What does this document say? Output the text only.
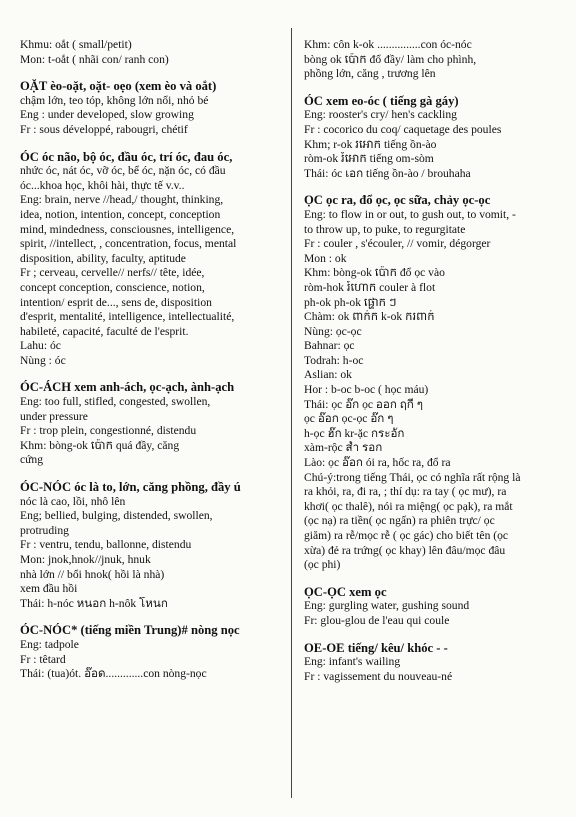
Khmu: oắt ( small/petit)
Mon: t-oắt ( nhãi con/ ranh con)
OẶT èo-oặt, oặt- oẹo (xem èo và oắt)
chậm lớn, teo tóp, không lớn nổi, nhỏ bé
Eng : under developed, slow growing
Fr : sous développé, rabougri, chétif
ÓC óc não, bộ óc, đầu óc, trí óc, đau óc,
nhức óc, nát óc, vỡ óc, bể óc, nặn óc, có đầu
óc...khoa học, khôi hài, thực tế v.v..
Eng: brain, nerve //head,/ thought, thinking,
idea, notion, intention, concept, conception
mind, mindedness, consciousnes, intelligence,
spirit, //intellect, , concentration, focus, mental
disposition, ability, faculty, aptitude
Fr ; cerveau, cervelle// nerfs// tête, idée,
concept conception, conscience, notion,
intention/ esprit de..., sens de, disposition
d'esprit, mentalité, intelligence, intellectualité,
habileté, capacité, faculté de l'esprit.
Lahu: óc
Nùng : óc
ÓC-ÁCH xem anh-ách, ọc-ạch, ành-ạch
Eng: too full, stifled, congested, swollen,
under pressure
Fr : trop plein, congestionné, distendu
Khm: bòng-ok ប៉ោក quá đầy, căng
cứng
ÓC-NÓC óc là to, lớn, căng phồng, đầy ú
nóc là cao, lồi, nhô lên
Eng; bellied, bulging, distended, swollen,
protruding
Fr : ventru, tendu, ballonne, distendu
Mon: jnok,hnok//jnuk, hnuk
nhà lớn // bổi hnok( hồi là nhà)
xem đầu hồi
Thái: h-nóc หนอก h-nôk โหนก
ÓC-NÓC* (tiếng miền Trung)# nòng nọc
Eng: tadpole
Fr : têtard
Thái: (tua)ót. อ๊อด.............con nòng-nọc
Khm: côn k-ok ...............con óc-nóc
bòng ok ប៉ោក đổ đầy/ làm cho phình,
phồng lớn, căng , trương lên
ÓC xem eo-óc ( tiếng gà gáy)
Eng: rooster's cry/ hen's cackling
Fr : cocorico du coq/ caquetage des poules
Khm; r-ok រអោក tiếng ồn-ào
ròm-ok រំអោក tiếng om-sòm
Thái: óc เอก tiếng ồn-ào / brouhaha
ỌC ọc ra, đổ ọc, ọc sữa, chảy ọc-ọc
Eng: to flow in or out, to gush out, to vomit, -
to throw up, to puke, to regurgitate
Fr : couler , s'écouler, // vomir, dégorger
Mon : ok
Khm: bòng-ok ប៉ោក đổ ọc vào
ròm-hok រំហោក couler à flot
ph-ok ph-ok ផ្ហោក ៗ
Chàm: ok ពាក់ក k-ok ករពាក់
Nùng: ọc-ọc
Bahnar: ọc
Todrah: h-oc
Aslian: ok
Hor : b-oc b-oc ( học máu)
Thái: ọc อ๊ก ọc ออก ฤกี่ ๆ
ọc อ๊อก ọc-ọc อ๊ก ๆ
h-ọc ฮ๊ก kr-ặc กระอัก
xàm-rộc ส้ำ รอก
Lào: ọc อ๊อก ói ra, hốc ra, đổ ra
Chú-ý:trong tiếng Thái, ọc có nghĩa rất rộng là
ra khỏi, ra, đi ra, ; thí dụ: ra tay ( ọc mư), ra
khơi( ọc thalê), nói ra miệng( ọc pạk), ra mắt
(ọc nạ) ra tiền( ọc ngấn) ra phiên trực/ ọc
giăm) ra rễ/mọc rễ ( ọc gác) cho biết tên (ọc
xừa) đẻ ra trứng( ọc khay) lên đâu/mọc đâu
(ọc phi)
ỌC-ỌC xem ọc
Eng: gurgling water, gushing sound
Fr: glou-glou de l'eau qui coule
OE-OE tiếng/ kêu/ khóc - -
Eng: infant's wailing
Fr : vagissement du nouveau-né
